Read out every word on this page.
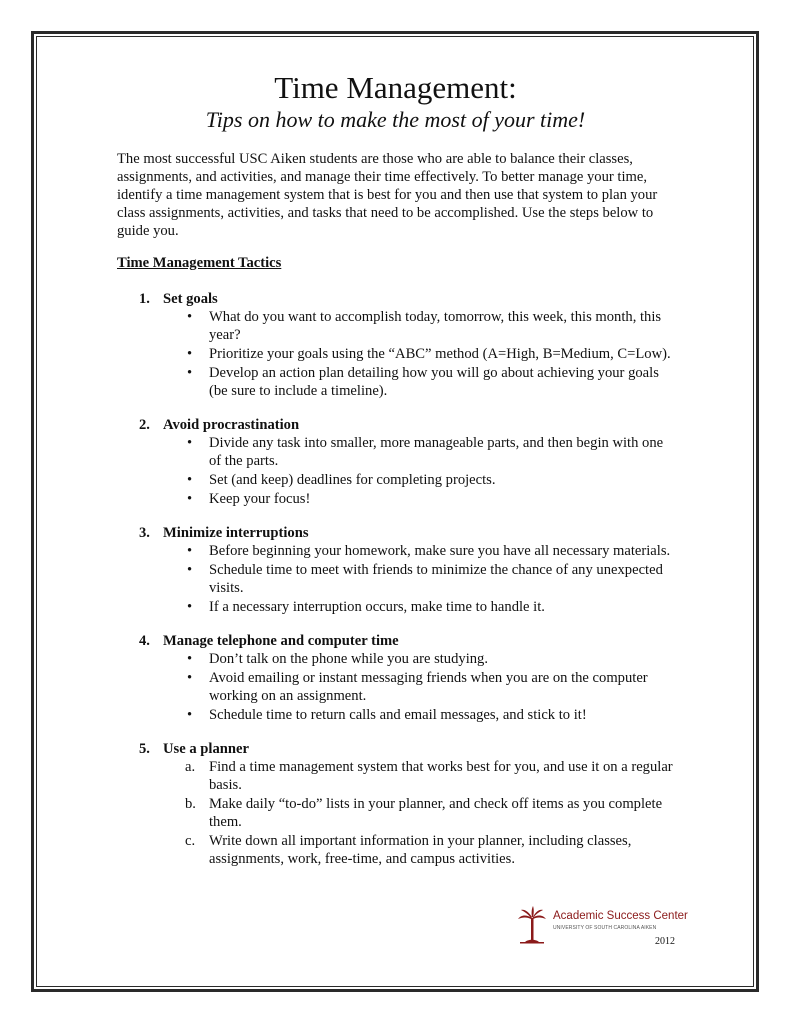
Time Management:
Tips on how to make the most of your time!

The most successful USC Aiken students are those who are able to balance their classes, assignments, and activities, and manage their time effectively. To better manage your time, identify a time management system that is best for you and then use that system to plan your class assignments, activities, and tasks that need to be accomplished. Use the steps below to guide you.

Time Management Tactics
1. Set goals
• What do you want to accomplish today, tomorrow, this week, this month, this year?
• Prioritize your goals using the “ABC” method (A=High, B=Medium, C=Low).
• Develop an action plan detailing how you will go about achieving your goals (be sure to include a timeline).
2. Avoid procrastination
• Divide any task into smaller, more manageable parts, and then begin with one of the parts.
• Set (and keep) deadlines for completing projects.
• Keep your focus!
3. Minimize interruptions
• Before beginning your homework, make sure you have all necessary materials.
• Schedule time to meet with friends to minimize the chance of any unexpected visits.
• If a necessary interruption occurs, make time to handle it.
4. Manage telephone and computer time
• Don’t talk on the phone while you are studying.
• Avoid emailing or instant messaging friends when you are on the computer working on an assignment.
• Schedule time to return calls and email messages, and stick to it!
5. Use a planner
a. Find a time management system that works best for you, and use it on a regular basis.
b. Make daily “to-do” lists in your planner, and check off items as you complete them.
c. Write down all important information in your planner, including classes, assignments, work, free-time, and campus activities.
Academic Success Center
UNIVERSITY OF SOUTH CAROLINA AIKEN
2012
